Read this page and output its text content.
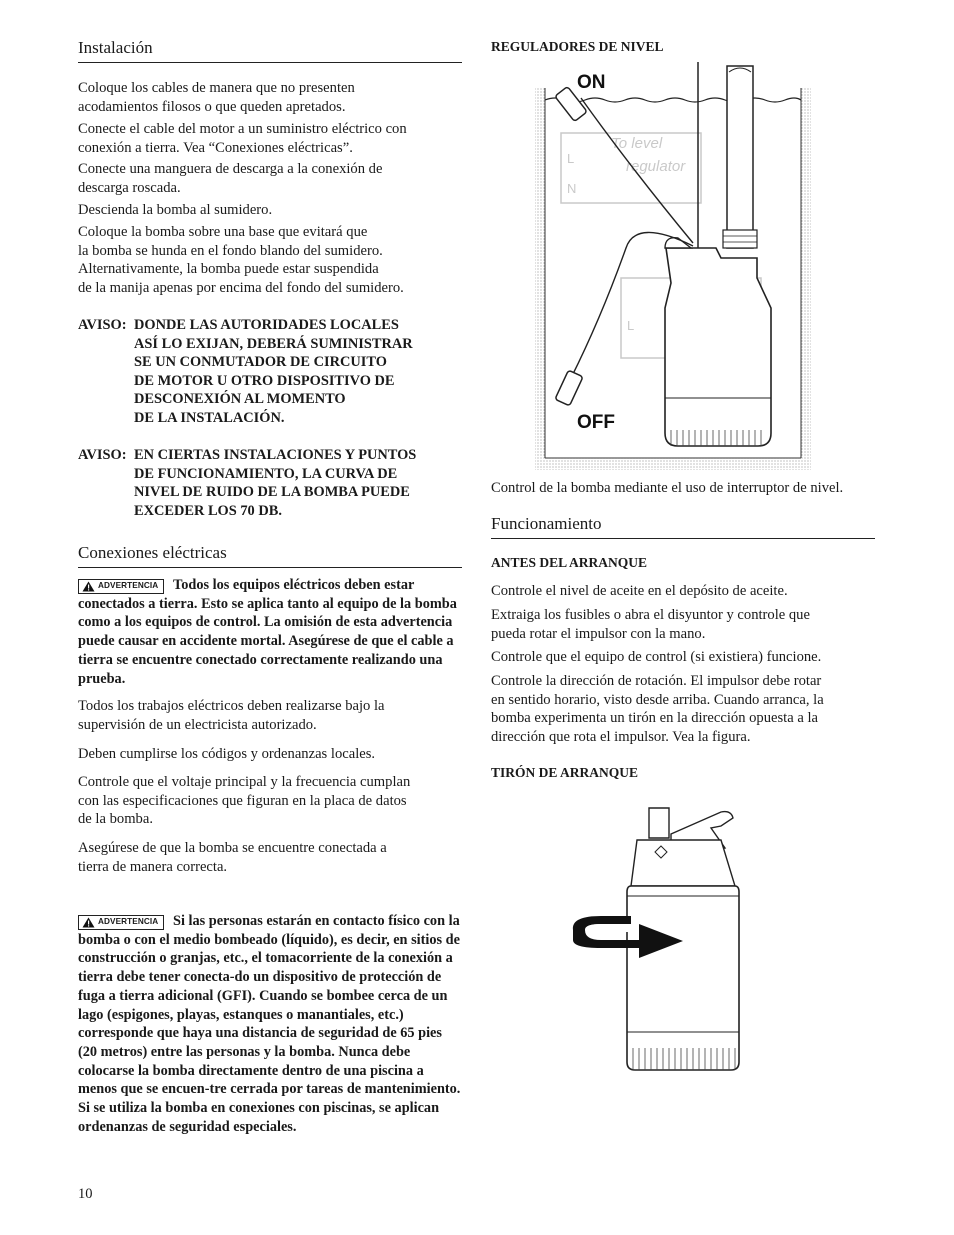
Instalación

Coloque los cables de manera que no presenten
acodamientos filosos o que queden apretados.

Conecte el cable del motor a un suministro eléctrico con
conexión a tierra. Vea “Conexiones eléctricas”.

Conecte una manguera de descarga a la conexión de
descarga roscada.

Descienda la bomba al sumidero.

Coloque la bomba sobre una base que evitará que
la bomba se hunda en el fondo blando del sumidero.
Alternativamente, la bomba puede estar suspendida
de la manija apenas por encima del fondo del sumidero.

AVISO: DONDE LAS AUTORIDADES LOCALES
ASÍ LO EXIJAN, DEBERÁ SUMINISTRAR
SE UN CONMUTADOR DE CIRCUITO
DE MOTOR U OTRO DISPOSITIVO DE
DESCONEXIÓN AL MOMENTO
DE LA INSTALACIÓN.
AVISO: EN CIERTAS INSTALACIONES Y PUNTOS
DE FUNCIONAMIENTO, LA CURVA DE
NIVEL DE RUIDO DE LA BOMBA PUEDE
EXCEDER LOS 70 DB.
Conexiones eléctricas
ADVERTENCIA Todos los equipos eléctricos deben estar conectados a tierra. Esto se aplica tanto al equipo de la bomba como a los equipos de control. La omisión de esta advertencia puede causar en accidente mortal. Asegúrese de que el cable a tierra se encuentre conectado correctamente realizando una prueba.

Todos los trabajos eléctricos deben realizarse bajo la
supervisión de un electricista autorizado.

Deben cumplirse los códigos y ordenanzas locales.

Controle que el voltaje principal y la frecuencia cumplan
con las especificaciones que figuran en la placa de datos
de la bomba.

Asegúrese de que la bomba se encuentre conectada a
tierra de manera correcta.

ADVERTENCIA Si las personas estarán en contacto físico con la bomba o con el medio bombeado (líquido), es decir, en sitios de construcción o granjas, etc., el tomacorriente de la conexión a tierra debe tener conecta-do un dispositivo de protección de fuga a tierra adicional (GFI). Cuando se bombee cerca de un lago (espigones, playas, estanques o manantiales, etc.) corresponde que haya una distancia de seguridad de 65 pies (20 metros) entre las personas y la bomba. Nunca debe colocarse la bomba directamente dentro de una piscina a menos que se encuen-tre cerrada por tareas de mantenimiento. Si se utiliza la bomba en conexiones con piscinas, se aplican ordenanzas de seguridad especiales.
REGULADORES DE NIVEL
To level
regulator
L
N
L
ON
OFF

Control de la bomba mediante el uso de interruptor de nivel.

Funcionamiento
ANTES DEL ARRANQUE

Controle el nivel de aceite en el depósito de aceite.

Extraiga los fusibles o abra el disyuntor y controle que
pueda rotar el impulsor con la mano.

Controle que el equipo de control (si existiera) funcione.

Controle la dirección de rotación. El impulsor debe rotar
en sentido horario, visto desde arriba. Cuando arranca, la
bomba experimenta un tirón en la dirección opuesta a la
dirección que rota el impulsor. Vea la figura.

TIRÓN DE ARRANQUE
10
